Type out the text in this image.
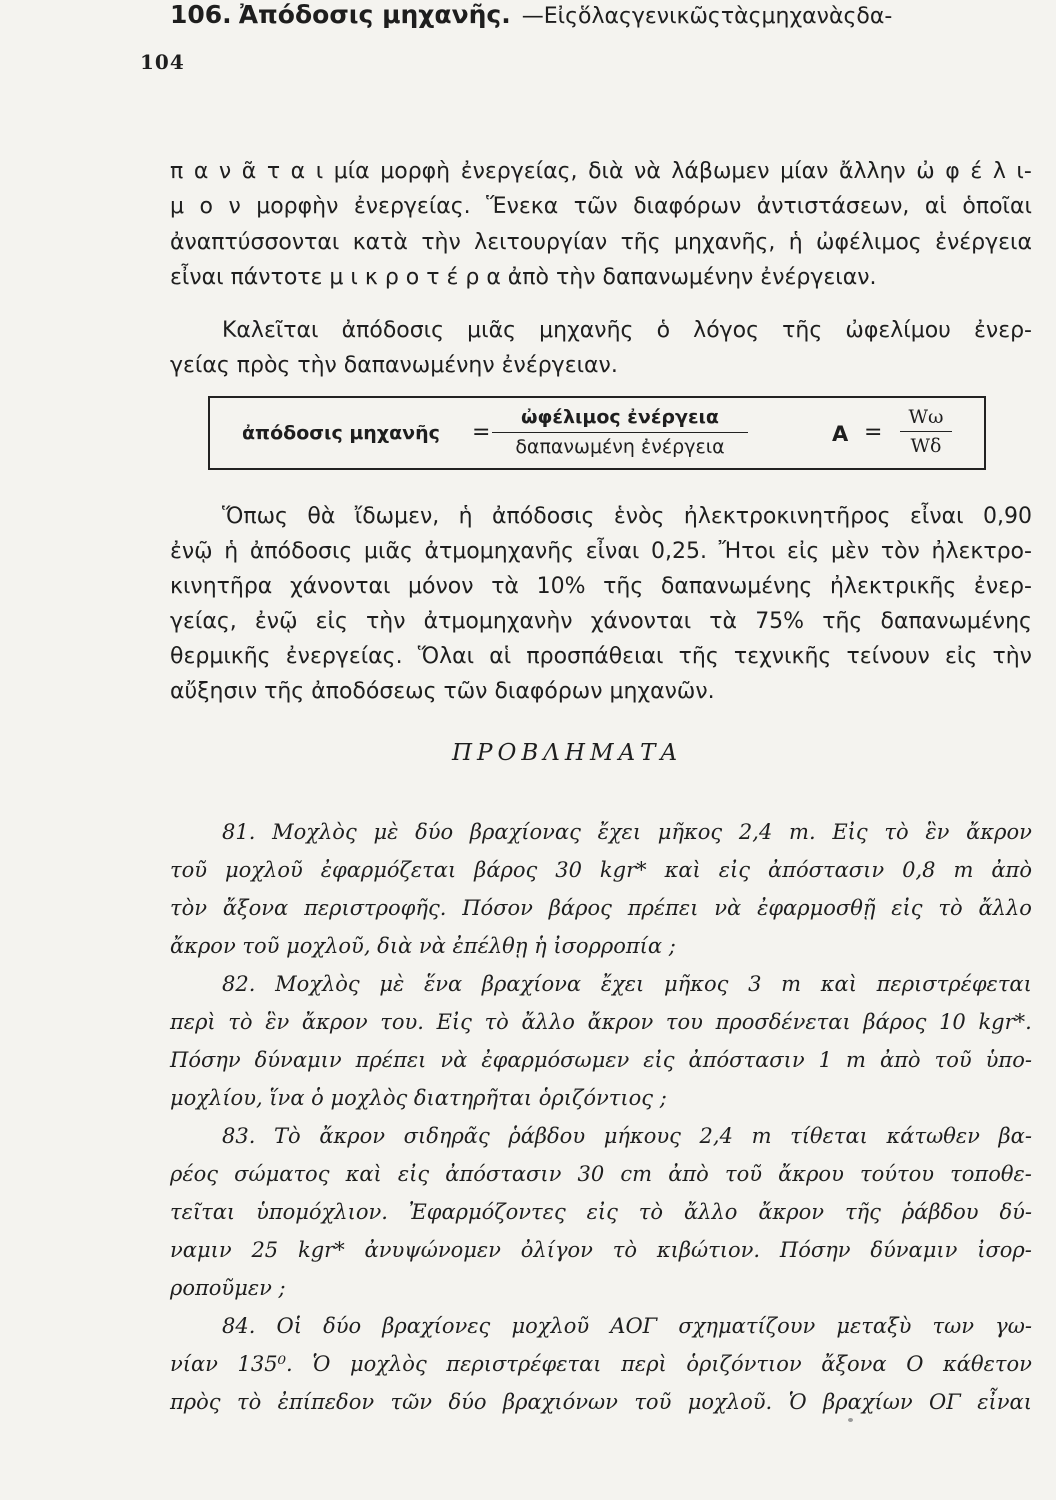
104
106. Ἀπόδοσις μηχανῆς. —Εἰςὅλαςγενικῶςτὰςμηχανὰςδα-
π α ν ᾶ τ α ι μία μορφὴ ἐνεργείας, διὰ νὰ λάβωμεν μίαν ἄλλην ὠ φ έ λ ι-
μ ο ν μορφὴν ἐνεργείας. Ἕνεκα τῶν διαφόρων ἀντιστάσεων, αἱ ὁποῖαι
ἀναπτύσσονται κατὰ τὴν λειτουργίαν τῆς μηχανῆς, ἡ ὠφέλιμος ἐνέργεια
εἶναι πάντοτε μ ι κ ρ ο τ έ ρ α ἀπὸ τὴν δαπανωμένην ἐνέργειαν.
Καλεῖται ἀπόδοσις μιᾶς μηχανῆς ὁ λόγος τῆς ὠφελίμου ἐνερ-
γείας πρὸς τὴν δαπανωμένην ἐνέργειαν.
ἀπόδοσις μηχανῆς =
ὠφέλιμος ἐνέργεια
δαπανωμένη ἐνέργεια
A =
Wω
Wδ
Ὅπως θὰ ἴδωμεν, ἡ ἀπόδοσις ἑνὸς ἠλεκτροκινητῆρος εἶναι 0,90
ἐνῷ ἡ ἀπόδοσις μιᾶς ἀτμομηχανῆς εἶναι 0,25. Ἤτοι εἰς μὲν τὸν ἠλεκτρο-
κινητῆρα χάνονται μόνον τὰ 10% τῆς δαπανωμένης ἠλεκτρικῆς ἐνερ-
γείας, ἐνῷ εἰς τὴν ἀτμομηχανὴν χάνονται τὰ 75% τῆς δαπανωμένης
θερμικῆς ἐνεργείας. Ὅλαι αἱ προσπάθειαι τῆς τεχνικῆς τείνουν εἰς τὴν
αὔξησιν τῆς ἀποδόσεως τῶν διαφόρων μηχανῶν.
ΠΡΟΒΛΗΜΑΤΑ
81. Μοχλὸς μὲ δύο βραχίονας ἔχει μῆκος 2,4 m. Εἰς τὸ ἓν ἄκρον
τοῦ μοχλοῦ ἐφαρμόζεται βάρος 30 kgr* καὶ εἰς ἀπόστασιν 0,8 m ἀπὸ
τὸν ἄξονα περιστροφῆς. Πόσον βάρος πρέπει νὰ ἐφαρμοσθῇ εἰς τὸ ἄλλο
ἄκρον τοῦ μοχλοῦ, διὰ νὰ ἐπέλθῃ ἡ ἰσορροπία ;
82. Μοχλὸς μὲ ἕνα βραχίονα ἔχει μῆκος 3 m καὶ περιστρέφεται
περὶ τὸ ἓν ἄκρον του. Εἰς τὸ ἄλλο ἄκρον του προσδένεται βάρος 10 kgr*.
Πόσην δύναμιν πρέπει νὰ ἐφαρμόσωμεν εἰς ἀπόστασιν 1 m ἀπὸ τοῦ ὑπο-
μοχλίου, ἵνα ὁ μοχλὸς διατηρῆται ὁριζόντιος ;
83. Τὸ ἄκρον σιδηρᾶς ῥάβδου μήκους 2,4 m τίθεται κάτωθεν βα-
ρέος σώματος καὶ εἰς ἀπόστασιν 30 cm ἀπὸ τοῦ ἄκρου τούτου τοποθε-
τεῖται ὑπομόχλιον. Ἐφαρμόζοντες εἰς τὸ ἄλλο ἄκρον τῆς ῥάβδου δύ-
ναμιν 25 kgr* ἀνυψώνομεν ὀλίγον τὸ κιβώτιον. Πόσην δύναμιν ἰσορ-
ροποῦμεν ;
84. Οἱ δύο βραχίονες μοχλοῦ ΑΟΓ σχηματίζουν μεταξὺ των γω-
νίαν 135⁰. Ὁ μοχλὸς περιστρέφεται περὶ ὁριζόντιον ἄξονα Ο κάθετον
πρὸς τὸ ἐπίπεδον τῶν δύο βραχιόνων τοῦ μοχλοῦ. Ὁ βραχίων ΟΓ εἶναι
